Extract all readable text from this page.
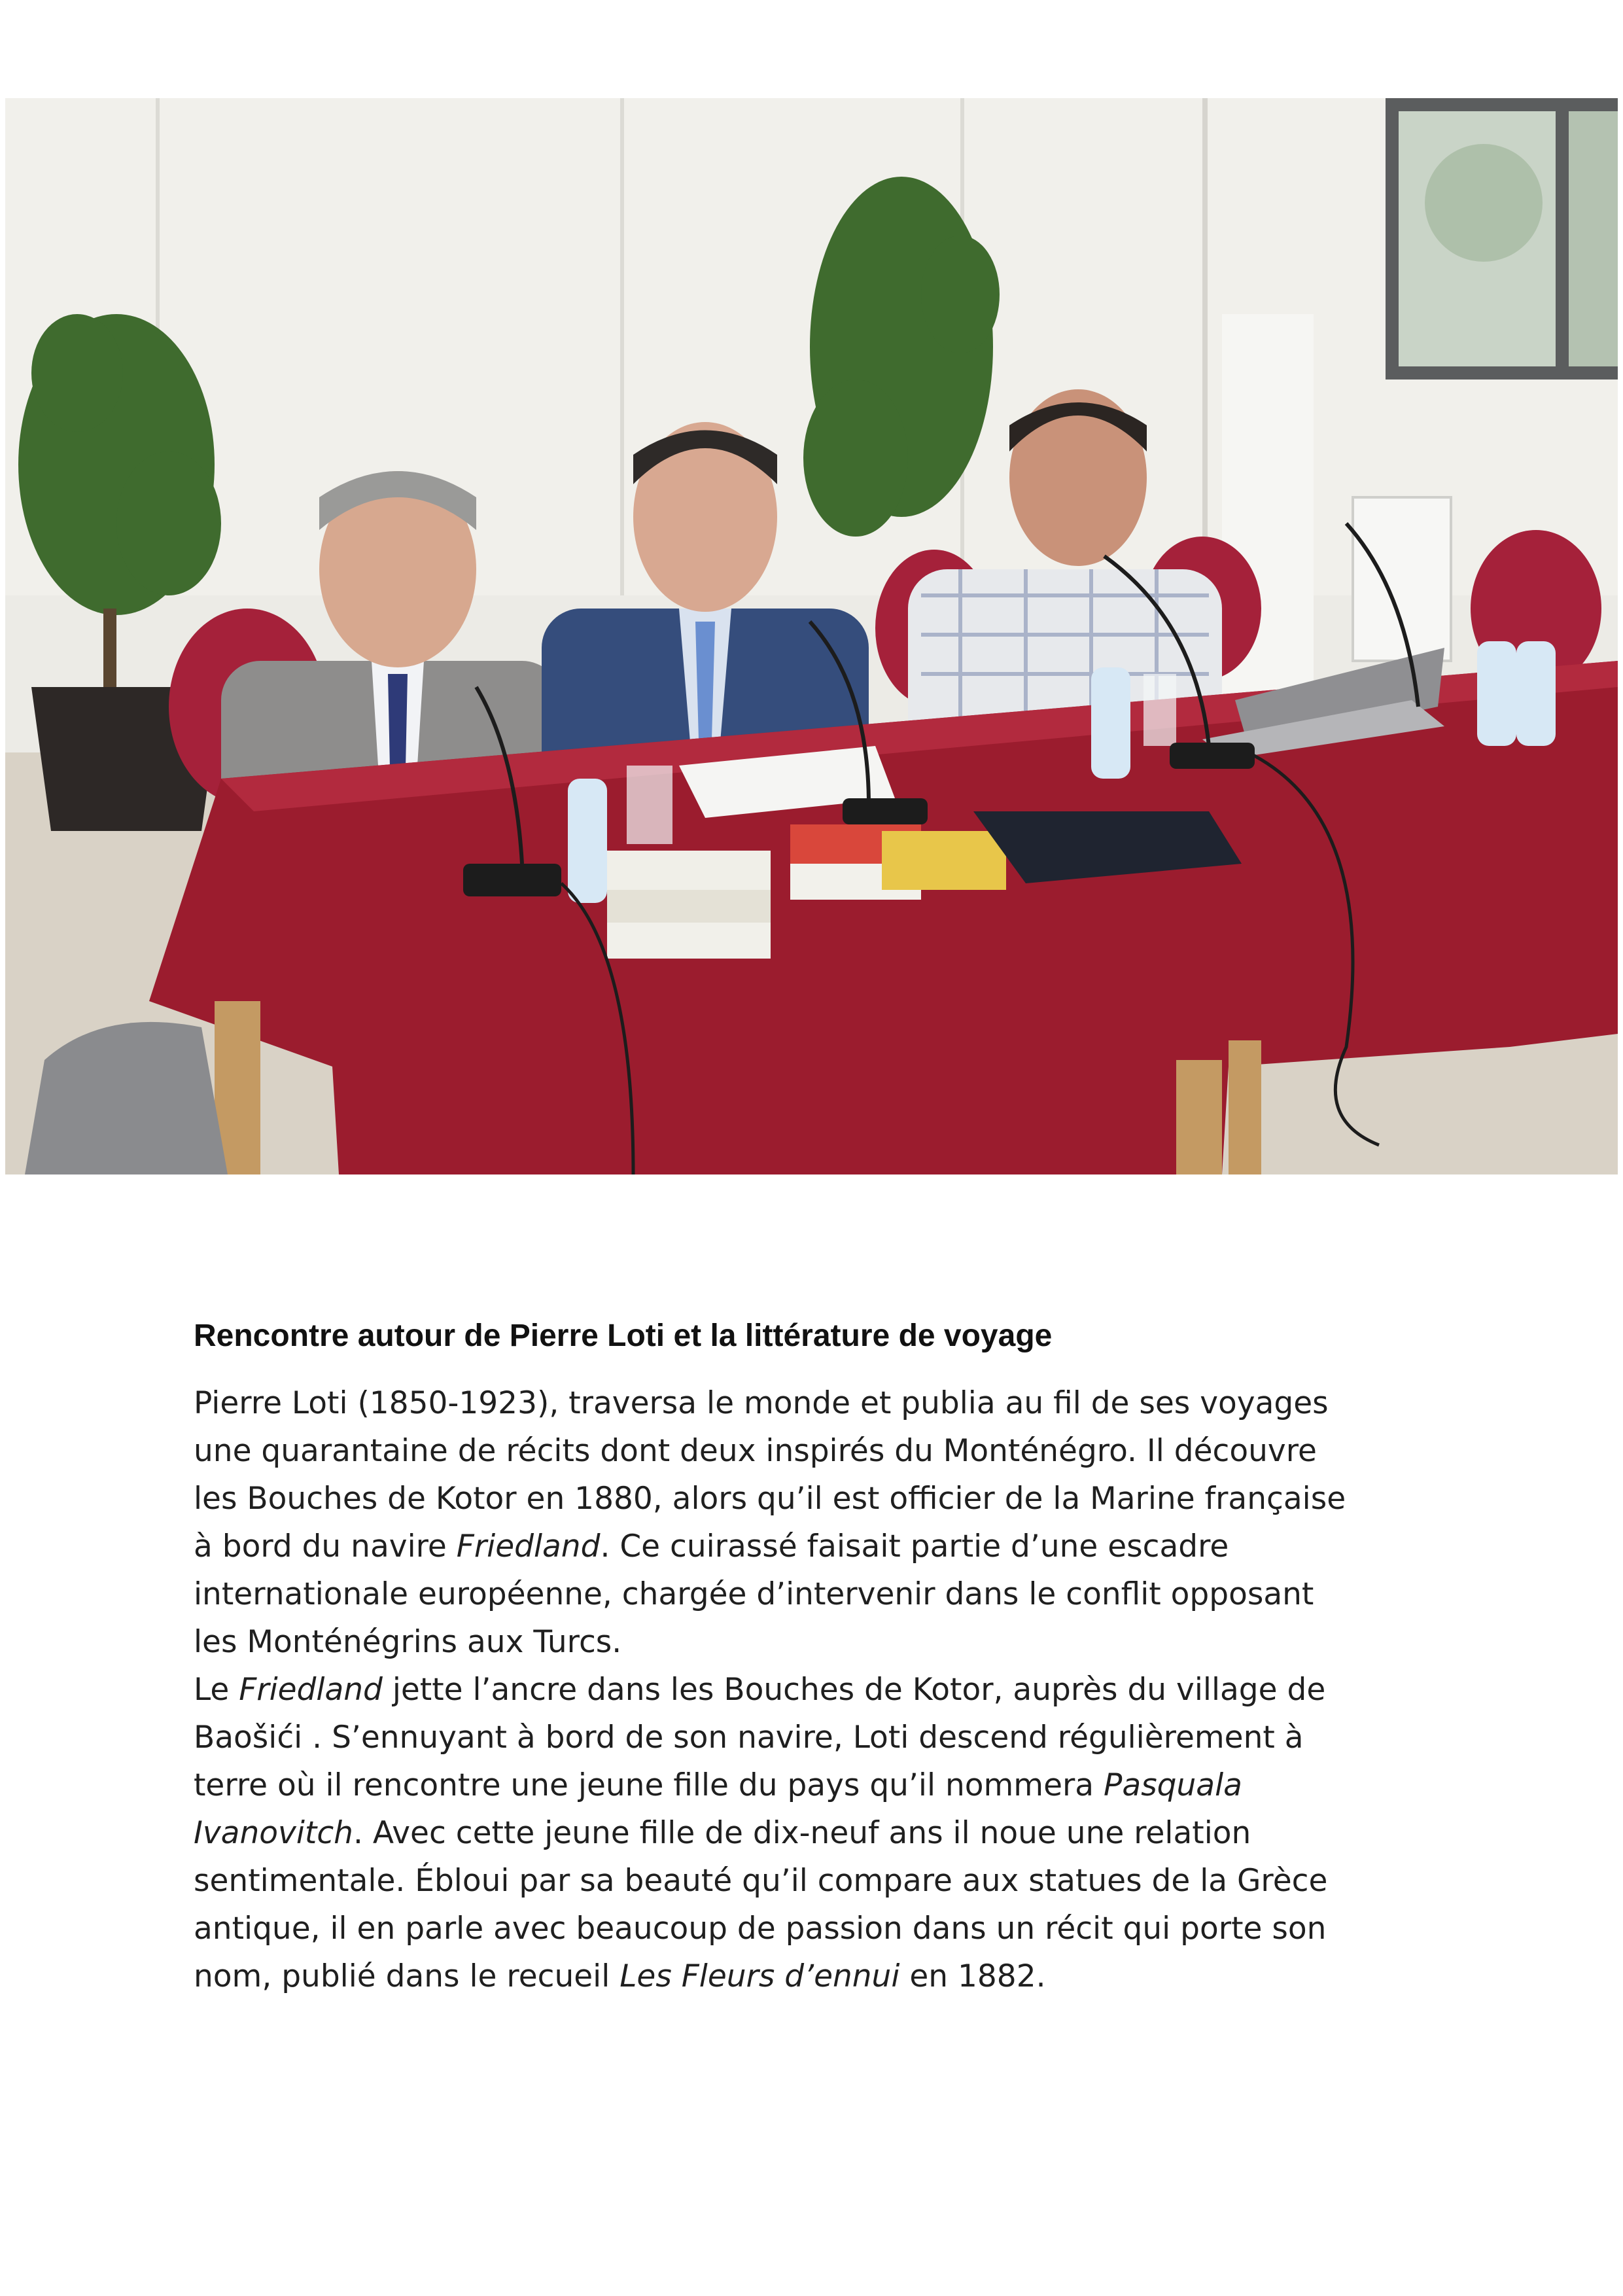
Rencontre autour de Pierre Loti et la littérature de voyage
Pierre Loti (1850-1923), traversa le monde et publia au fil de ses voyages
une quarantaine de récits dont deux inspirés du Monténégro. Il découvre
les Bouches de Kotor en 1880, alors qu’il est officier de la Marine française
à bord du navire Friedland. Ce cuirassé faisait partie d’une escadre
internationale européenne, chargée d’intervenir dans le conflit opposant
les Monténégrins aux Turcs.
Le Friedland jette l’ancre dans les Bouches de Kotor, auprès du village de
Baošići . S’ennuyant à bord de son navire, Loti descend régulièrement à
terre où il rencontre une jeune fille du pays qu’il nommera Pasquala
Ivanovitch. Avec cette jeune fille de dix-neuf ans il noue une relation
sentimentale. Ébloui par sa beauté qu’il compare aux statues de la Grèce
antique, il en parle avec beaucoup de passion dans un récit qui porte son
nom, publié dans le recueil Les Fleurs d’ennui en 1882.
